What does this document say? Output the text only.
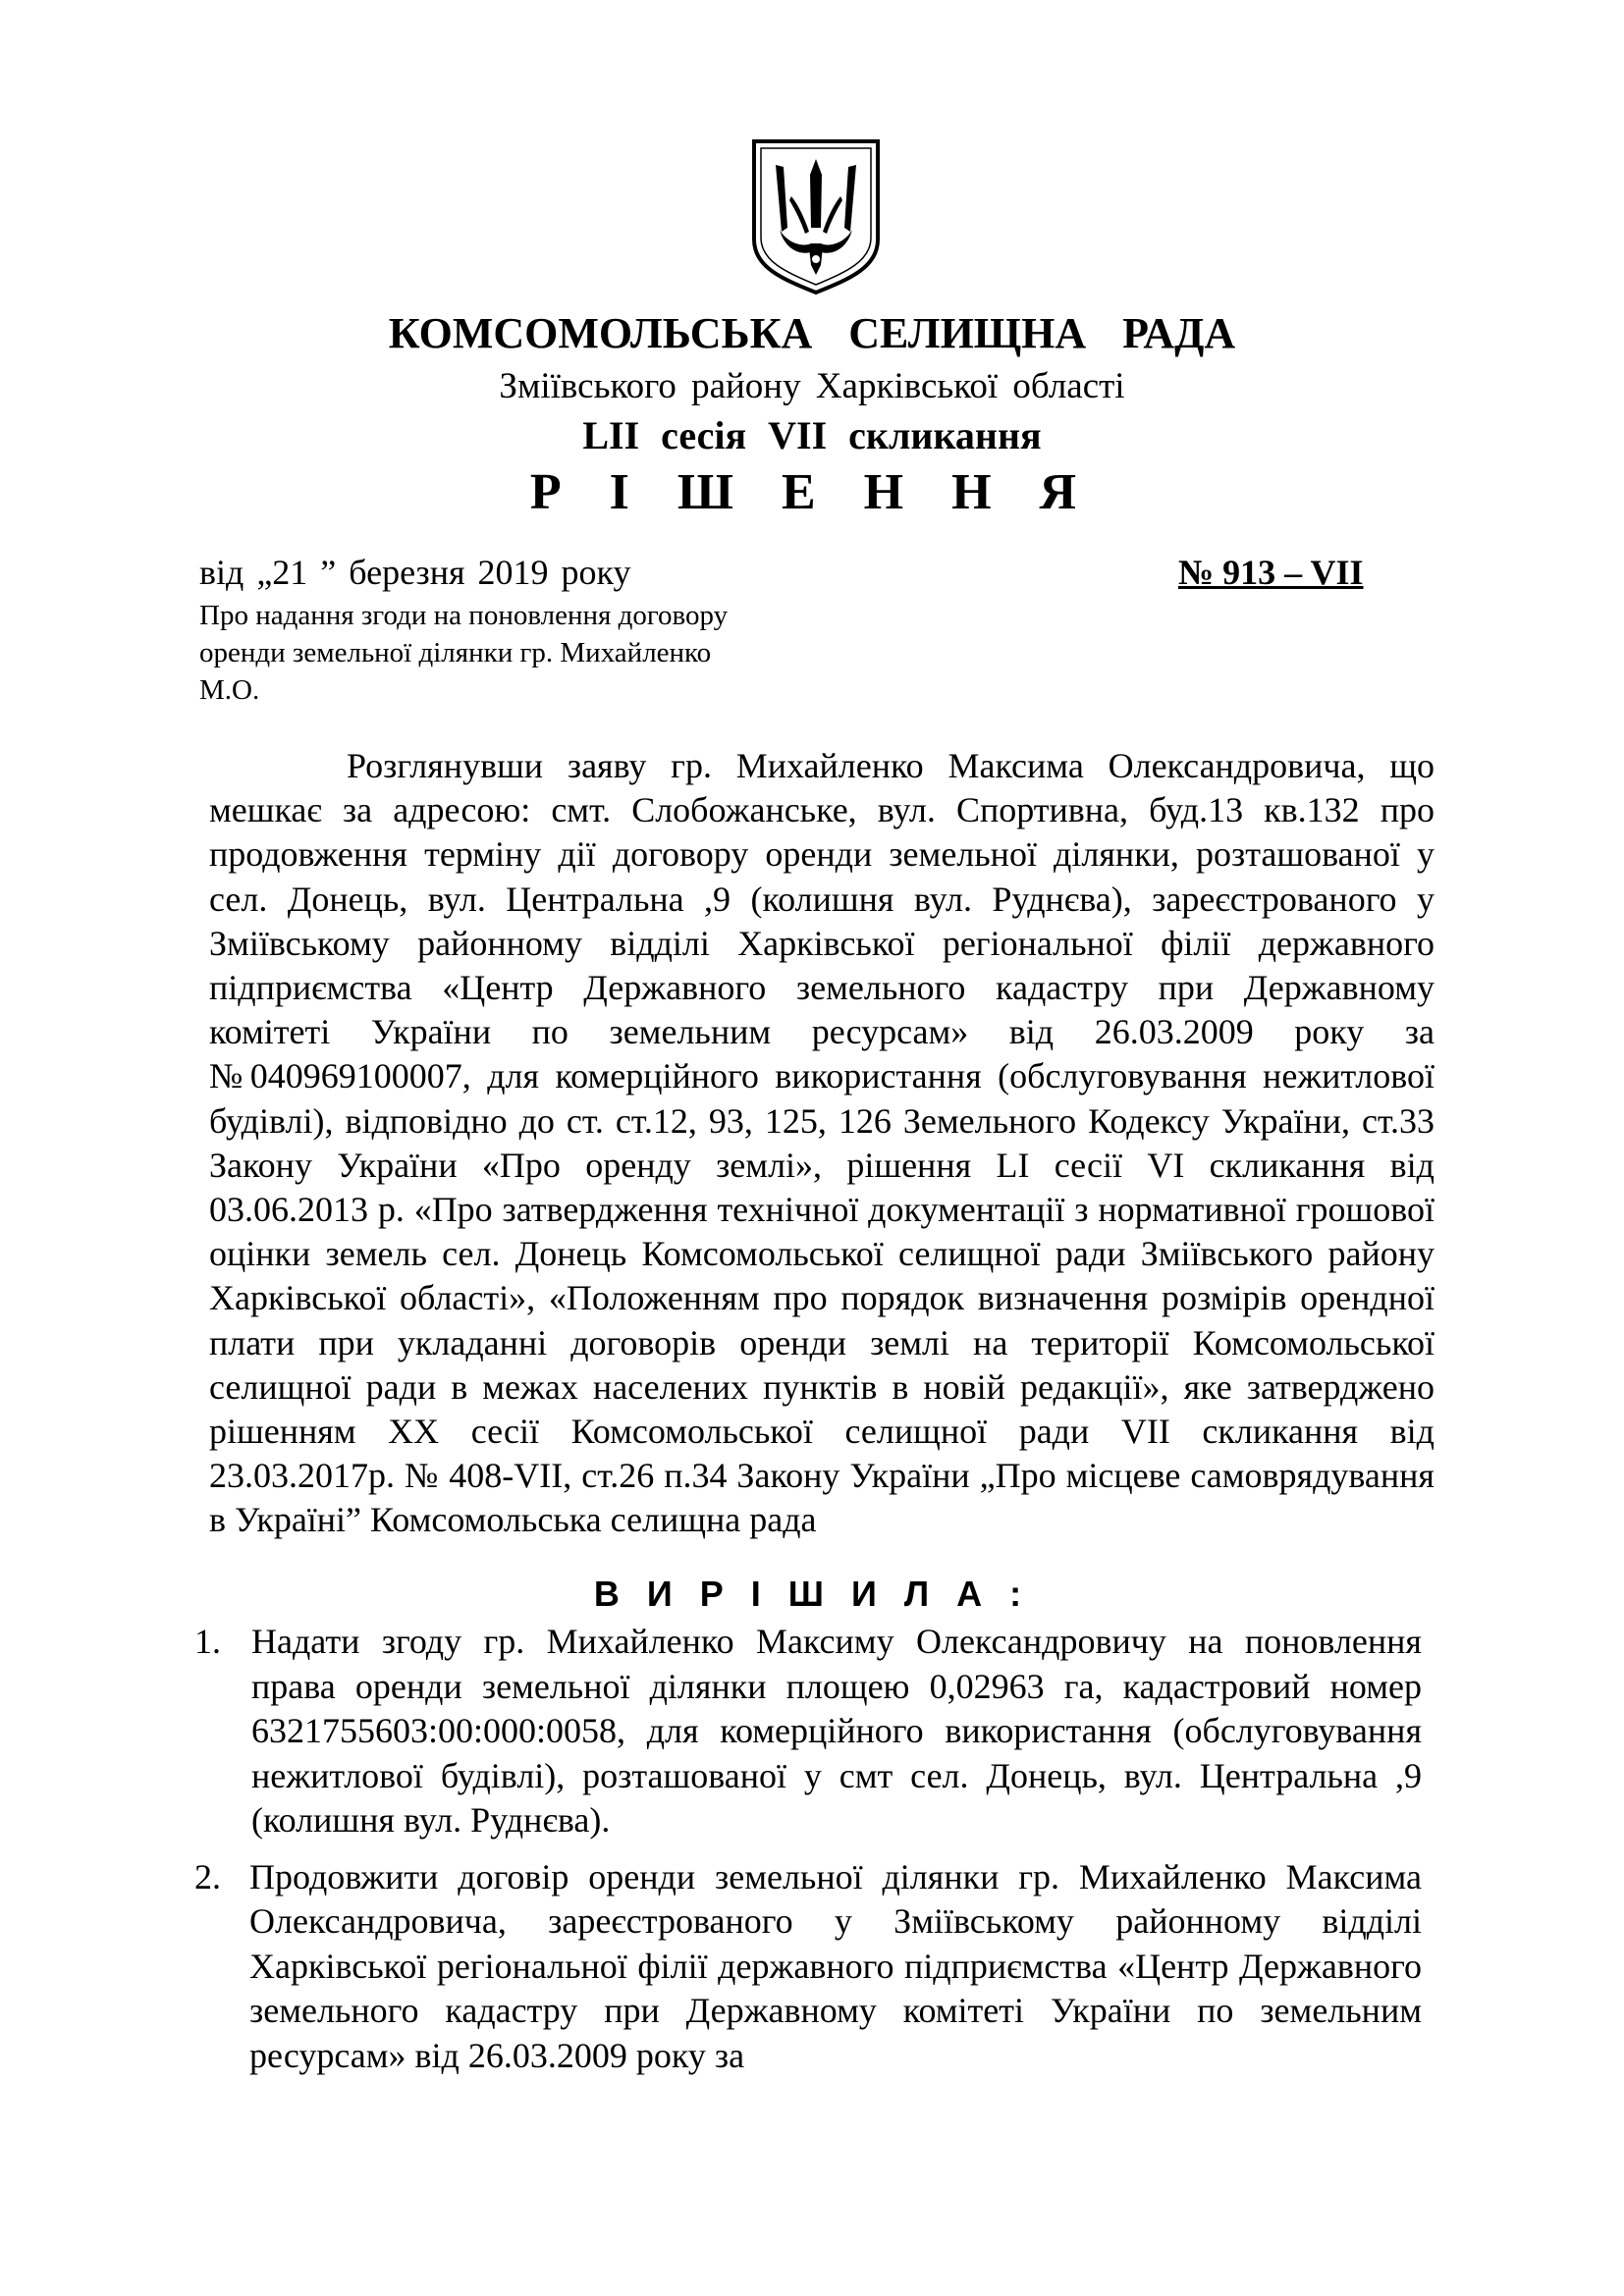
КОМСОМОЛЬСЬКА СЕЛИЩНА РАДА
Зміївського району Харківської області
LII сесія VII скликання
Р І Ш Е Н Н Я
від „21 ” березня 2019 року	№ 913 – VII
Про надання згоди на поновлення договору оренди земельної ділянки гр. Михайленко М.О.

Розглянувши заяву гр. Михайленко Максима Олександровича, що мешкає за адресою: смт. Слобожанське, вул. Спортивна, буд.13 кв.132 про продовження терміну дії договору оренди земельної ділянки, розташованої у сел. Донець, вул. Центральна ,9 (колишня вул. Руднєва), зареєстрованого у Зміївському районному відділі Харківської регіональної філії державного підприємства «Центр Державного земельного кадастру при Державному комітеті України по земельним ресурсам» від 26.03.2009 року за №040969100007, для комерційного використання (обслуговування нежитлової будівлі), відповідно до ст. ст.12, 93, 125, 126 Земельного Кодексу України, ст.33 Закону України «Про оренду землі», рішення LI сесії VI скликання від 03.06.2013 р. «Про затвердження технічної документації з нормативної грошової оцінки земель сел. Донець Комсомольської селищної ради Зміївського району Харківської області», «Положенням про порядок визначення розмірів орендної плати при укладанні договорів оренди землі на території Комсомольської селищної ради в межах населених пунктів в новій редакції», яке затверджено рішенням XX сесії Комсомольської селищної ради VII скликання від 23.03.2017р. № 408-VII, ст.26 п.34 Закону України „Про місцеве самоврядування в Україні” Комсомольська селищна рада

В И Р І Ш И Л А :
1. Надати згоду гр. Михайленко Максиму Олександровичу на поновлення права оренди земельної ділянки площею 0,02963 га, кадастровий номер 6321755603:00:000:0058, для комерційного використання (обслуговування нежитлової будівлі), розташованої у смт сел. Донець, вул. Центральна ,9 (колишня вул. Руднєва).
2. Продовжити договір оренди земельної ділянки гр. Михайленко Максима Олександровича, зареєстрованого у Зміївському районному відділі Харківської регіональної філії державного підприємства «Центр Державного земельного кадастру при Державному комітеті України по земельним ресурсам» від 26.03.2009 року за
